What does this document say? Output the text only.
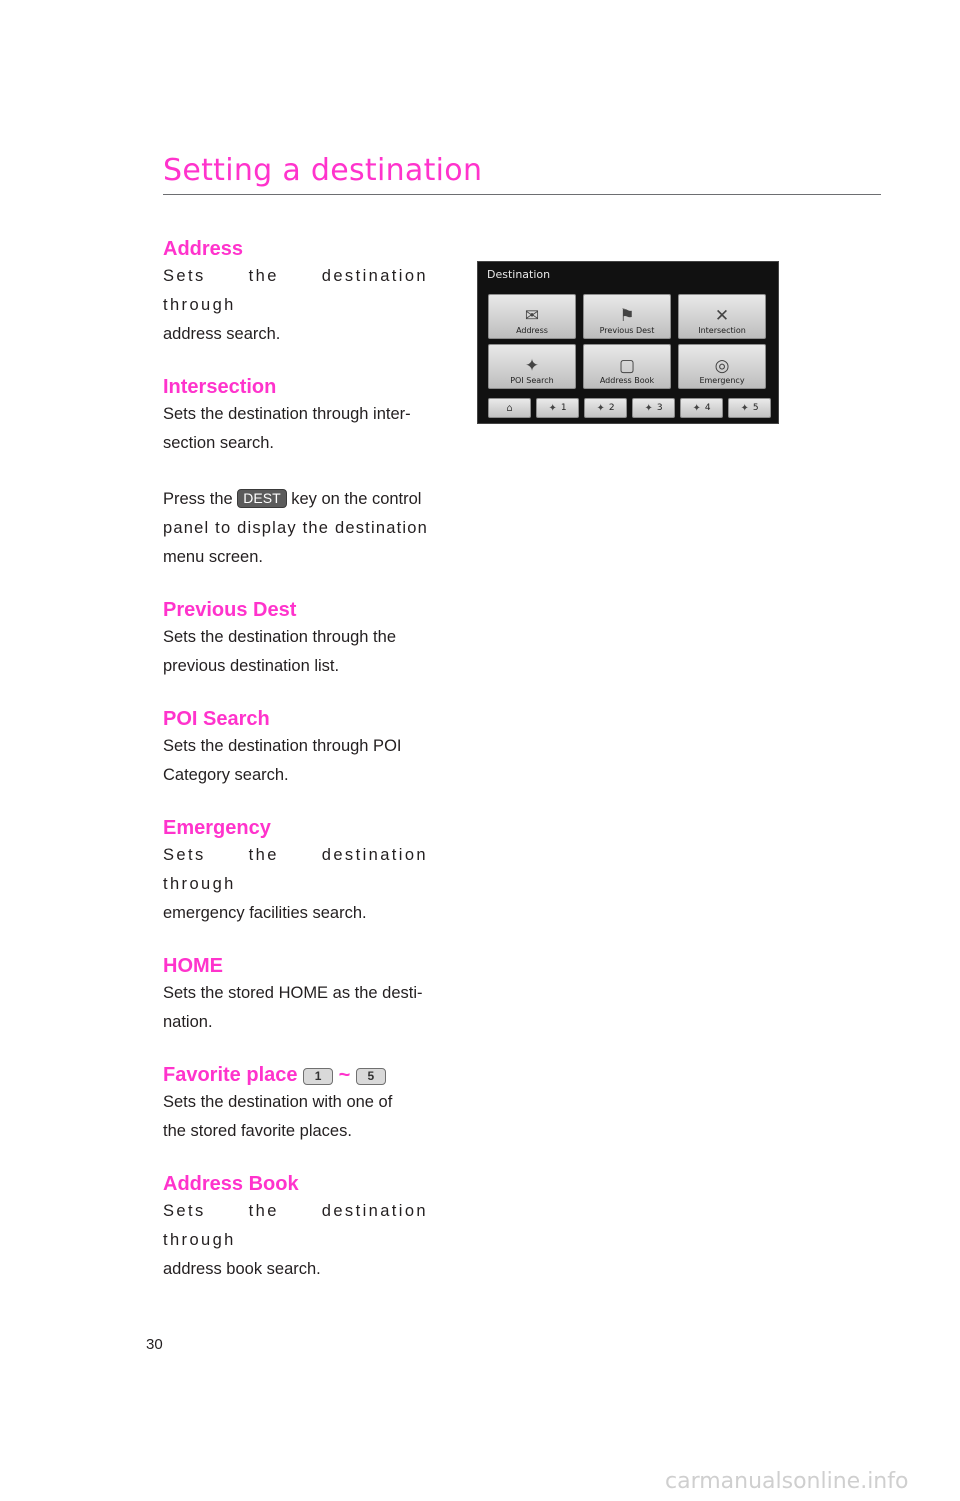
Setting a destination
Address

Sets the destination through

address search.

Intersection

Sets the destination through inter-

section search.

Press the DEST key on the control

panel to display the destination

menu screen.

Previous Dest

Sets the destination through the

previous destination list.

POI Search

Sets the destination through POI

Category search.

Emergency

Sets the destination through

emergency facilities search.

HOME

Sets the stored HOME as the desti-

nation.

Favorite place 1 ~ 5

Sets the destination with one of

the stored favorite places.

Address Book

Sets the destination through

address book search.

Destination
✉
Address
⚑
Previous Dest
✕
Intersection
✦
POI Search
▢
Address Book
◎
Emergency
⌂	✦ 1	✦ 2	✦ 3	✦ 4	✦ 5
30
carmanualsonline.info
